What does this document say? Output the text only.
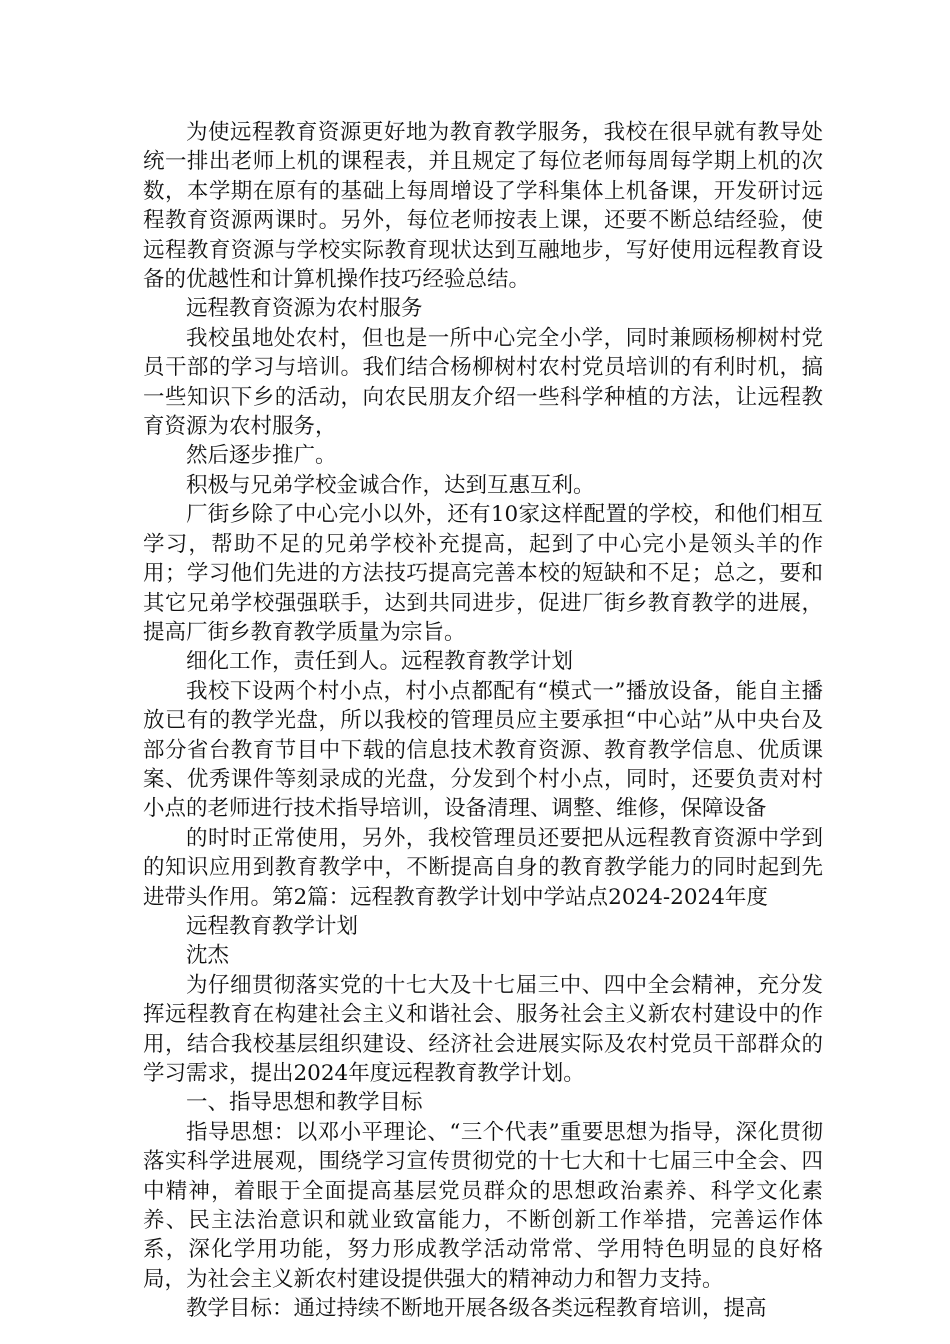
为使远程教育资源更好地为教育教学服务，我校在很早就有教导处统一排出老师上机的课程表，并且规定了每位老师每周每学期上机的次数，本学期在原有的基础上每周增设了学科集体上机备课，开发研讨远程教育资源两课时。另外，每位老师按表上课，还要不断总结经验，使远程教育资源与学校实际教育现状达到互融地步，写好使用远程教育设备的优越性和计算机操作技巧经验总结。

远程教育资源为农村服务

我校虽地处农村，但也是一所中心完全小学，同时兼顾杨柳树村党员干部的学习与培训。我们结合杨柳树村农村党员培训的有利时机，搞一些知识下乡的活动，向农民朋友介绍一些科学种植的方法，让远程教育资源为农村服务，

然后逐步推广。

积极与兄弟学校金诚合作，达到互惠互利。

厂街乡除了中心完小以外，还有10家这样配置的学校，和他们相互学习，帮助不足的兄弟学校补充提高，起到了中心完小是领头羊的作用；学习他们先进的方法技巧提高完善本校的短缺和不足；总之，要和其它兄弟学校强强联手，达到共同进步，促进厂街乡教育教学的进展，提高厂街乡教育教学质量为宗旨。

细化工作，责任到人。远程教育教学计划

我校下设两个村小点，村小点都配有“模式一”播放设备，能自主播放已有的教学光盘，所以我校的管理员应主要承担“中心站”从中央台及部分省台教育节目中下载的信息技术教育资源、教育教学信息、优质课案、优秀课件等刻录成的光盘，分发到个村小点，同时，还要负责对村小点的老师进行技术指导培训，设备清理、调整、维修，保障设备

的时时正常使用，另外，我校管理员还要把从远程教育资源中学到的知识应用到教育教学中，不断提高自身的教育教学能力的同时起到先进带头作用。第2篇：远程教育教学计划中学站点2024-2024年度

远程教育教学计划

沈杰

为仔细贯彻落实党的十七大及十七届三中、四中全会精神，充分发挥远程教育在构建社会主义和谐社会、服务社会主义新农村建设中的作用，结合我校基层组织建设、经济社会进展实际及农村党员干部群众的学习需求，提出2024年度远程教育教学计划。

一、指导思想和教学目标

指导思想：以邓小平理论、“三个代表”重要思想为指导，深化贯彻落实科学进展观，围绕学习宣传贯彻党的十七大和十七届三中全会、四中精神，着眼于全面提高基层党员群众的思想政治素养、科学文化素养、民主法治意识和就业致富能力，不断创新工作举措，完善运作体系，深化学用功能，努力形成教学活动常常、学用特色明显的良好格局，为社会主义新农村建设提供强大的精神动力和智力支持。

教学目标：通过持续不断地开展各级各类远程教育培训，提高
